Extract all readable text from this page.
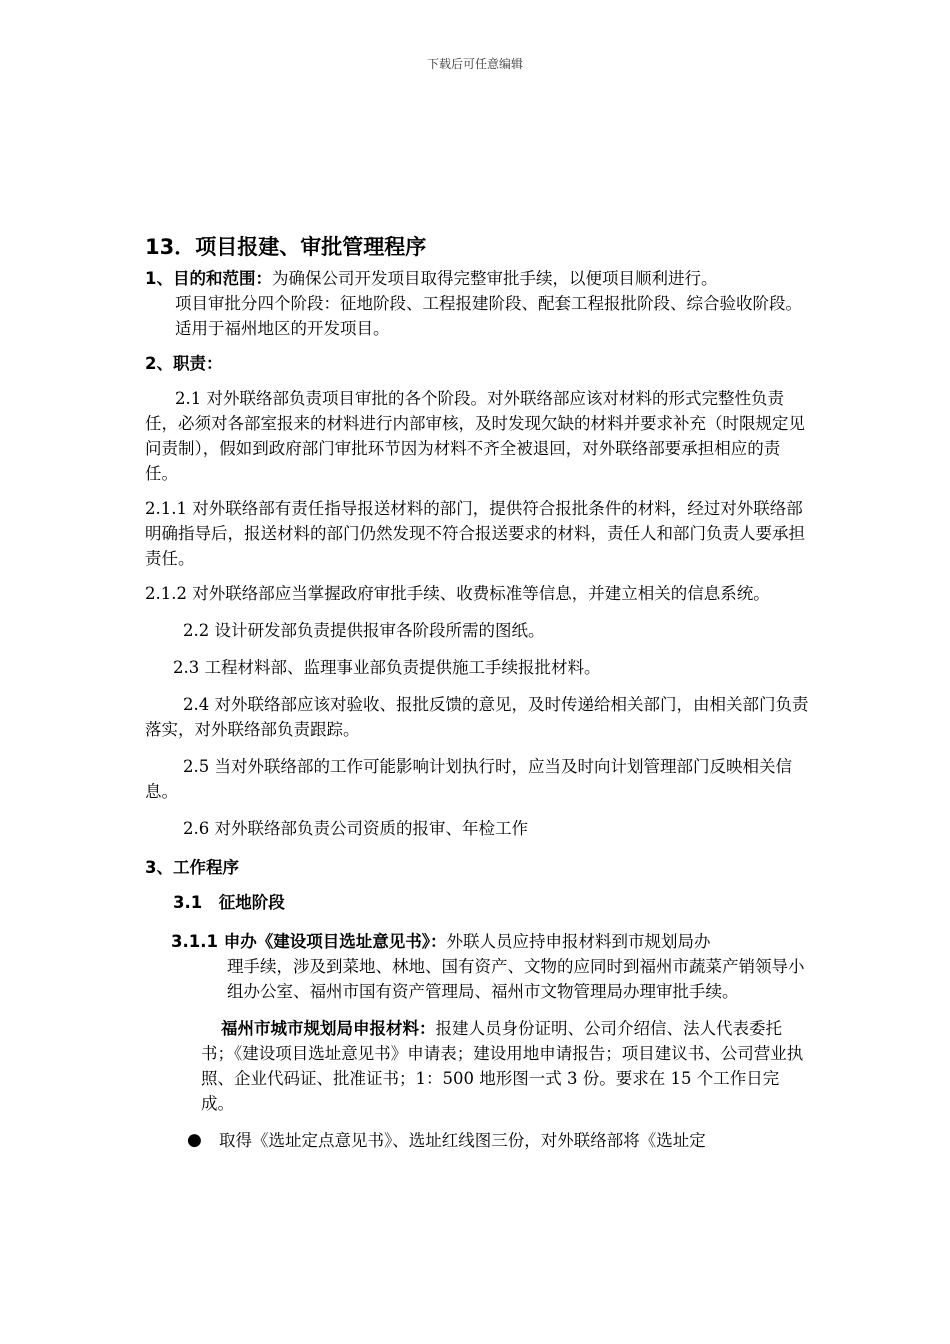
下载后可任意编辑
13．项目报建、审批管理程序

1、目的和范围：为确保公司开发项目取得完整审批手续，以便项目顺利进行。

项目审批分四个阶段：征地阶段、工程报建阶段、配套工程报批阶段、综合验收阶段。适用于福州地区的开发项目。

2、职责：

2.1 对外联络部负责项目审批的各个阶段。对外联络部应该对材料的形式完整性负责任，必须对各部室报来的材料进行内部审核，及时发现欠缺的材料并要求补充（时限规定见问责制），假如到政府部门审批环节因为材料不齐全被退回，对外联络部要承担相应的责任。

2.1.1 对外联络部有责任指导报送材料的部门，提供符合报批条件的材料，经过对外联络部明确指导后，报送材料的部门仍然发现不符合报送要求的材料，责任人和部门负责人要承担责任。

2.1.2 对外联络部应当掌握政府审批手续、收费标准等信息，并建立相关的信息系统。

2.2 设计研发部负责提供报审各阶段所需的图纸。

2.3 工程材料部、监理事业部负责提供施工手续报批材料。

2.4 对外联络部应该对验收、报批反馈的意见，及时传递给相关部门，由相关部门负责落实，对外联络部负责跟踪。

2.5 当对外联络部的工作可能影响计划执行时，应当及时向计划管理部门反映相关信息。

2.6 对外联络部负责公司资质的报审、年检工作

3、工作程序

3.1　征地阶段

3.1.1 申办《建设项目选址意见书》：外联人员应持申报材料到市规划局办

理手续，涉及到菜地、林地、国有资产、文物的应同时到福州市蔬菜产销领导小组办公室、福州市国有资产管理局、福州市文物管理局办理审批手续。

福州市城市规划局申报材料：报建人员身份证明、公司介绍信、法人代表委托书；《建设项目选址意见书》申请表；建设用地申请报告；项目建议书、公司营业执照、企业代码证、批准证书；1：500 地形图一式 3 份。要求在 15 个工作日完成。

●	取得《选址定点意见书》、选址红线图三份，对外联络部将《选址定
